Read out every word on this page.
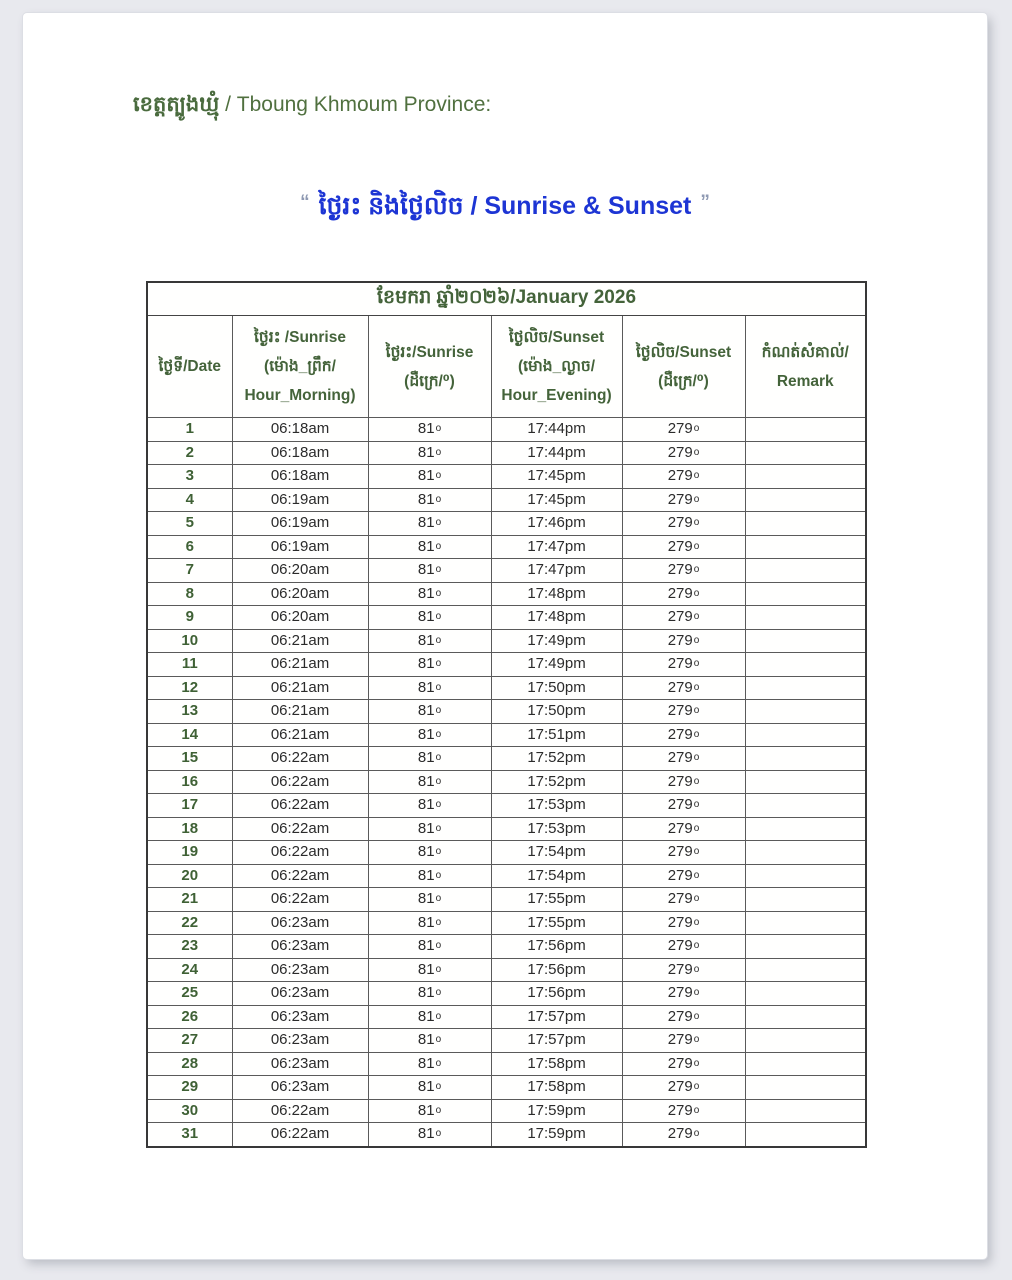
ខេត្តត្បូងឃ្មុំ / Tboung Khmoum Province:
“ ថ្ងៃរះ និងថ្ងៃលិច / Sunrise & Sunset ”
ខែមករា ឆ្នាំ២០២៦/January 2026					

ថ្ងៃទី/Date	ថ្ងៃរះ /Sunrise
(ម៉ោង_ព្រឹក/
Hour_Morning)	ថ្ងៃរះ/Sunrise
(ដឺក្រេ/⁰)	ថ្ងៃលិច/Sunset
(ម៉ោង_ល្ងាច/
Hour_Evening)	ថ្ងៃលិច/Sunset
(ដឺក្រេ/⁰)	កំណត់សំគាល់/
Remark

1	06:18am	81o	17:44pm	279o	
2	06:18am	81o	17:44pm	279o	
3	06:18am	81o	17:45pm	279o	
4	06:19am	81o	17:45pm	279o	
5	06:19am	81o	17:46pm	279o	
6	06:19am	81o	17:47pm	279o	
7	06:20am	81o	17:47pm	279o	
8	06:20am	81o	17:48pm	279o	
9	06:20am	81o	17:48pm	279o	
10	06:21am	81o	17:49pm	279o	
11	06:21am	81o	17:49pm	279o	
12	06:21am	81o	17:50pm	279o	
13	06:21am	81o	17:50pm	279o	
14	06:21am	81o	17:51pm	279o	
15	06:22am	81o	17:52pm	279o	
16	06:22am	81o	17:52pm	279o	
17	06:22am	81o	17:53pm	279o	
18	06:22am	81o	17:53pm	279o	
19	06:22am	81o	17:54pm	279o	
20	06:22am	81o	17:54pm	279o	
21	06:22am	81o	17:55pm	279o	
22	06:23am	81o	17:55pm	279o	
23	06:23am	81o	17:56pm	279o	
24	06:23am	81o	17:56pm	279o	
25	06:23am	81o	17:56pm	279o	
26	06:23am	81o	17:57pm	279o	
27	06:23am	81o	17:57pm	279o	
28	06:23am	81o	17:58pm	279o	
29	06:23am	81o	17:58pm	279o	
30	06:22am	81o	17:59pm	279o	
31	06:22am	81o	17:59pm	279o	
